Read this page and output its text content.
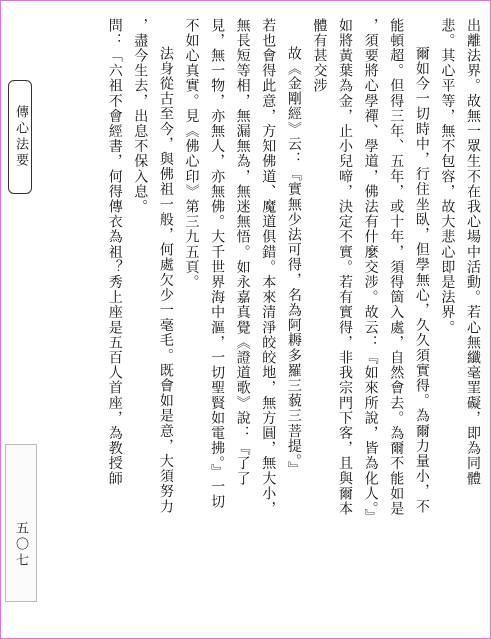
傳心法要
五〇七
出離法界。故無一眾生不在我心場中活動。若心無纖毫罣礙，即為同體
悲。其心平等，無不包容，故大悲心即是法界。
爾如今一切時中，行住坐臥，但學無心，久久須實得。為爾力量小，不
能頓超。但得三年、五年，或十年，須得箇入處，自然會去。為爾不能如是
，須要將心學禪、學道，佛法有什麼交涉。故云：『如來所說，皆為化人。』
如將黃葉為金，止小兒啼，決定不實。若有實得，非我宗門下客，且與爾本
體有甚交涉
故《金剛經》云：『實無少法可得，名為阿耨多羅三藐三菩提。』
若也會得此意，方知佛道、魔道俱錯。本來清淨皎皎地，無方圓，無大小，
無長短等相，無漏無為，無迷無悟。如永嘉真覺《證道歌》說：『了了
見，無一物，亦無人，亦無佛。大千世界海中漚，一切聖賢如電拂。』一切
不如心真實。見《佛心印》第三九五頁。
法身從古至今，與佛祖一般，何處欠少一毫毛。既會如是意，大須努力
，盡今生去，出息不保入息。
問：「六祖不會經書，何得傳衣為祖？秀上座是五百人首座，為教授師
